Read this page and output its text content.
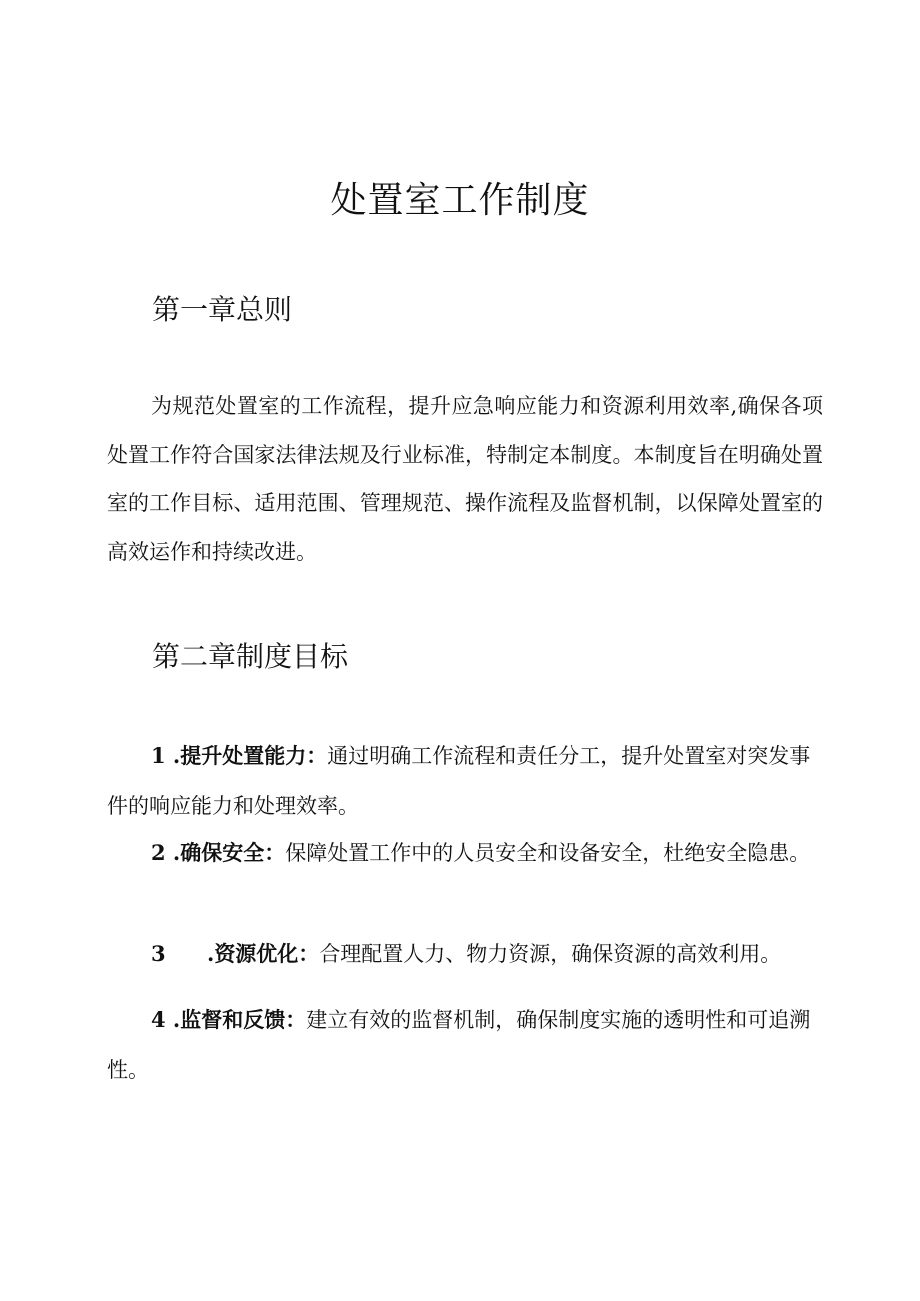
处置室工作制度
第一章总则

为规范处置室的工作流程，提升应急响应能力和资源利用效率,确保各项处置工作符合国家法律法规及行业标准，特制定本制度。本制度旨在明确处置室的工作目标、适用范围、管理规范、操作流程及监督机制，以保障处置室的高效运作和持续改进。

第二章制度目标

1 .提升处置能力：通过明确工作流程和责任分工，提升处置室对突发事件的响应能力和处理效率。

2 .确保安全：保障处置工作中的人员安全和设备安全，杜绝安全隐患。

3 .资源优化：合理配置人力、物力资源，确保资源的高效利用。

4 .监督和反馈：建立有效的监督机制，确保制度实施的透明性和可追溯性。
